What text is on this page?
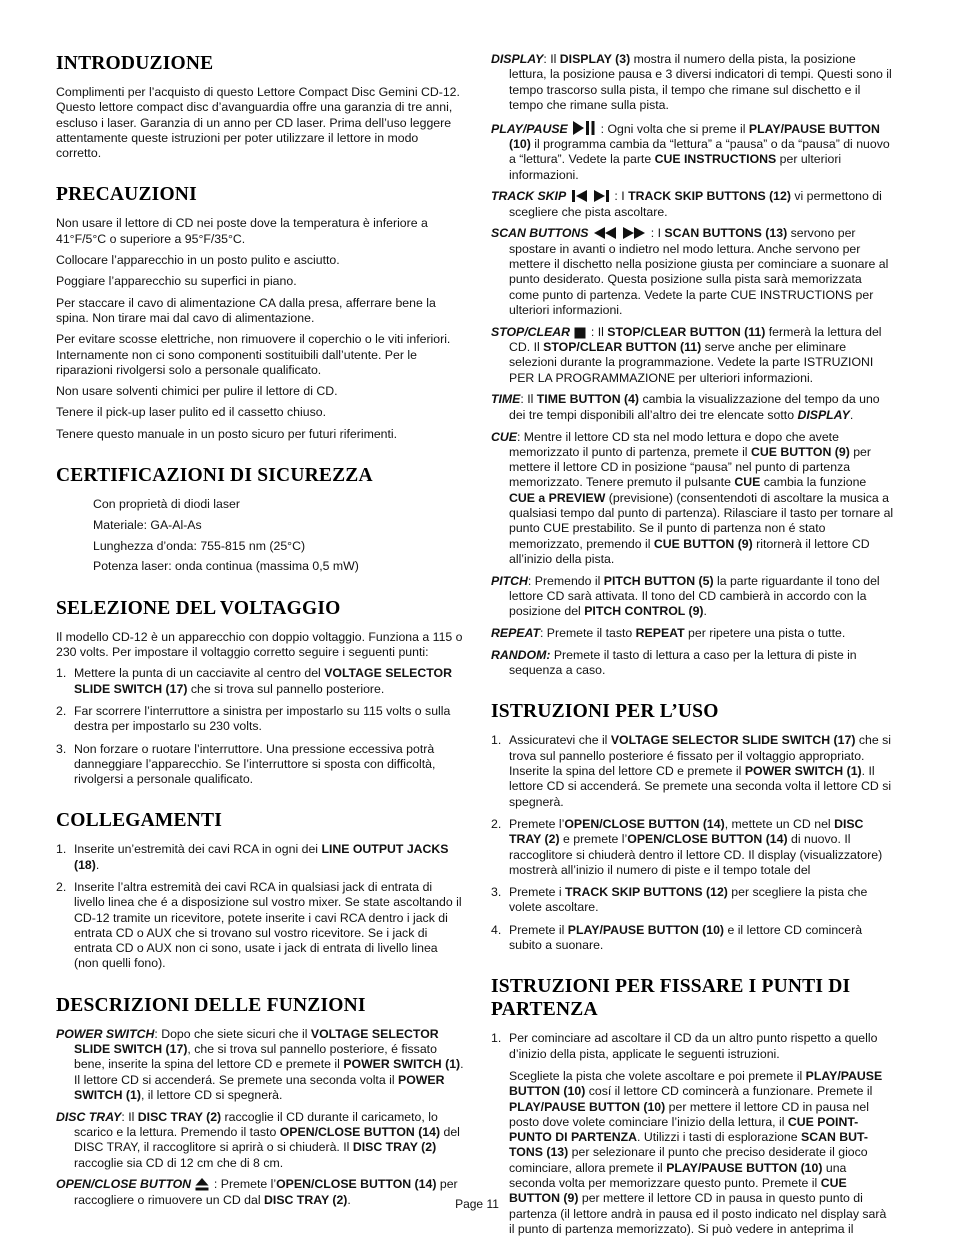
INTRODUZIONE

Complimenti per l’acquisto di questo Lettore Compact Disc Gemini CD-12. Questo lettore compact disc d’avanguardia offre una garanzia di tre anni, escluso i laser. Garanzia di un anno per CD laser. Prima dell’uso leggere attentamente queste istruzioni per poter utilizzare il lettore in modo corretto.

PRECAUZIONI

Non usare il lettore di CD nei poste dove la temperatura è inferiore a 41°F/5°C o superiore a 95°F/35°C.

Collocare l’apparecchio in un posto pulito e asciutto.

Poggiare l’apparecchio su superfici in piano.

Per staccare il cavo di alimentazione CA dalla presa, afferrare bene la spina. Non tirare mai dal cavo di alimentazione.

Per evitare scosse elettriche, non rimuovere il coperchio o le viti inferiori. Internamente non ci sono componenti sostituibili dall’utente. Per le riparazioni rivolgersi solo a personale qualificato.

Non usare solventi chimici per pulire il lettore di CD.

Tenere il pick-up laser pulito ed il cassetto chiuso.

Tenere questo manuale in un posto sicuro per futuri riferimenti.

CERTIFICAZIONI DI SICUREZZA
Con proprietà di diodi laser
Materiale: GA-Al-As
Lunghezza d’onda: 755-815 nm (25°C)
Potenza laser: onda continua (massima 0,5 mW)
SELEZIONE DEL VOLTAGGIO

Il modello CD-12 è un apparecchio con doppio voltaggio. Funziona a 115 o 230 volts. Per impostare il voltaggio corretto seguire i seguenti punti:

1. Mettere la punta di un cacciavite al centro del VOLTAGE SELECTOR SLIDE SWITCH (17) che si trova sul pannello posteriore.
2. Far scorrere l’interruttore a sinistra per impostarlo su 115 volts o sulla destra per impostarlo su 230 volts.
3. Non forzare o ruotare l’interruttore. Una pressione eccessiva potrà danneggiare l’apparecchio. Se l’interruttore si sposta con difficoltà, rivolgersi a personale qualificato.
COLLEGAMENTI
1. Inserite un’estremità dei cavi RCA in ogni dei LINE OUTPUT JACKS (18).
2. Inserite l’altra estremità dei cavi RCA in qualsiasi jack di entrata di livello linea che é a disposizione sul vostro mixer. Se state ascoltando il CD-12 tramite un ricevitore, potete inserite i cavi RCA dentro i jack di entrata CD o AUX che si trovano sul vostro ricevitore. Se i jack di entrata CD o AUX non ci sono, usate i jack di entrata di livello linea (non quelli fono).
DESCRIZIONI DELLE FUNZIONI
POWER SWITCH: Dopo che siete sicuri che il VOLTAGE SELECTOR SLIDE SWITCH (17), che si trova sul pannello posteriore, é fissato bene, inserite la spina del lettore CD e premete il POWER SWITCH (1). Il lettore CD si accenderá. Se premete una seconda volta il POWER SWITCH (1), il lettore CD si spegnerà.
DISC TRAY: Il DISC TRAY (2) raccoglie il CD durante il caricameto, lo scarico e la lettura. Premendo il tasto OPEN/CLOSE BUTTON (14) del DISC TRAY, il raccoglitore si aprirà o si chiuderà. Il DISC TRAY (2) raccoglie sia CD di 12 cm che di 8 cm.
OPEN/CLOSE BUTTON : Premete l’OPEN/CLOSE BUTTON (14) per raccogliere o rimuovere un CD dal DISC TRAY (2).
DISPLAY: Il DISPLAY (3) mostra il numero della pista, la posizione lettura, la posizione pausa e 3 diversi indicatori di tempi. Questi sono il tempo trascorso sulla pista, il tempo che rimane sul dischetto e il tempo che rimane sulla pista.
PLAY/PAUSE	: Ogni volta che si preme il PLAY/PAUSE BUTTON (10) il programma cambia da “lettura” a “pausa” o da “pausa” di nuovo a “lettura”. Vedete la parte CUE INSTRUCTIONS per ulteriori informazioni.
TRACK SKIP
	: I TRACK SKIP BUTTONS (12) vi permettono di scegliere che pista ascoltare.
SCAN BUTTONS
	: I SCAN BUTTONS (13) servono per spostare in avanti o indietro nel modo lettura. Anche servono per mettere il dischetto nella posizione giusta per cominciare a suonare al punto desiderato. Questa posizione sulla pista sarà memorizzata come punto di partenza. Vedete la parte CUE INSTRUCTIONS per ulteriori informazioni.
STOP/CLEAR : Il STOP/CLEAR BUTTON (11) fermerà la lettura del CD. Il STOP/CLEAR BUTTON (11) serve anche per eliminare selezioni durante la programmazione. Vedete la parte ISTRUZIONI PER LA PROGRAMMAZIONE per ulteriori informazioni.
TIME: Il TIME BUTTON (4) cambia la visualizzazione del tempo da uno dei tre tempi disponibili all’altro dei tre elencate sotto DISPLAY.
CUE: Mentre il lettore CD sta nel modo lettura e dopo che avete memorizzato il punto di partenza, premete il CUE BUTTON (9) per mettere il lettore CD in posizione “pausa” nel punto di partenza memorizzato. Tenere premuto il pulsante CUE cambia la funzione CUE a PREVIEW (previsione) (consentendoti di ascoltare la musica a qualsiasi tempo dal punto di partenza). Rilasciare il tasto per tornare al punto CUE prestabilito. Se il punto di partenza non é stato memorizzato, premendo il CUE BUTTON (9) ritornerà il lettore CD all’inizio della pista.
PITCH: Premendo il PITCH BUTTON (5) la parte riguardante il tono del lettore CD sarà attivata. Il tono del CD cambierà in accordo con la posizione del PITCH CONTROL (9).
REPEAT: Premete il tasto REPEAT per ripetere una pista o tutte.
RANDOM: Premete il tasto di lettura a caso per la lettura di piste in sequenza a caso.
ISTRUZIONI PER L’USO
1. Assicuratevi che il VOLTAGE SELECTOR SLIDE SWITCH (17) che si trova sul pannello posteriore é fissato per il voltaggio appropriato. Inserite la spina del lettore CD e premete il POWER SWITCH (1). Il lettore CD si accenderá. Se premete una seconda volta il lettore CD si spegnerà.
2. Premete l’OPEN/CLOSE BUTTON (14), mettete un CD nel DISC TRAY (2) e premete l’OPEN/CLOSE BUTTON (14) di nuovo. Il raccoglitore si chiuderà dentro il lettore CD. Il display (visualizzatore) mostrerà all’inizio il numero di piste e il tempo totale del
3. Premete i TRACK SKIP BUTTONS (12) per scegliere la pista che volete ascoltare.
4. Premete il PLAY/PAUSE BUTTON (10) e il lettore CD comincerà subito a suonare.
ISTRUZIONI PER FISSARE I PUNTI DI PARTENZA
1. Per cominciare ad ascoltare il CD da un altro punto rispetto a quello d’inizio della pista, applicate le seguenti istruzioni.
Scegliete la pista che volete ascoltare e poi premete il PLAY/PAUSE BUTTON (10) cosí il lettore CD comincerà a funzionare. Premete il PLAY/PAUSE BUTTON (10) per mettere il lettore CD in pausa nel posto dove volete cominciare l’inizio della lettura, il CUE POINT-PUNTO DI PARTENZA. Utilizzi i tasti di esplorazione SCAN BUT-TONS (13) per selezionare il punto che preciso desiderate il gioco cominciare, allora premete il PLAY/PAUSE BUTTON (10) una seconda volta per memorizzare questo punto. Premete il CUE BUTTON (9) per mettere il lettore CD in pausa in questo punto di partenza (il lettore andrà in pausa ed il posto indicato nel display sarà il punto di partenza memorizzato). Si può vedere in anteprima il
Page 11
